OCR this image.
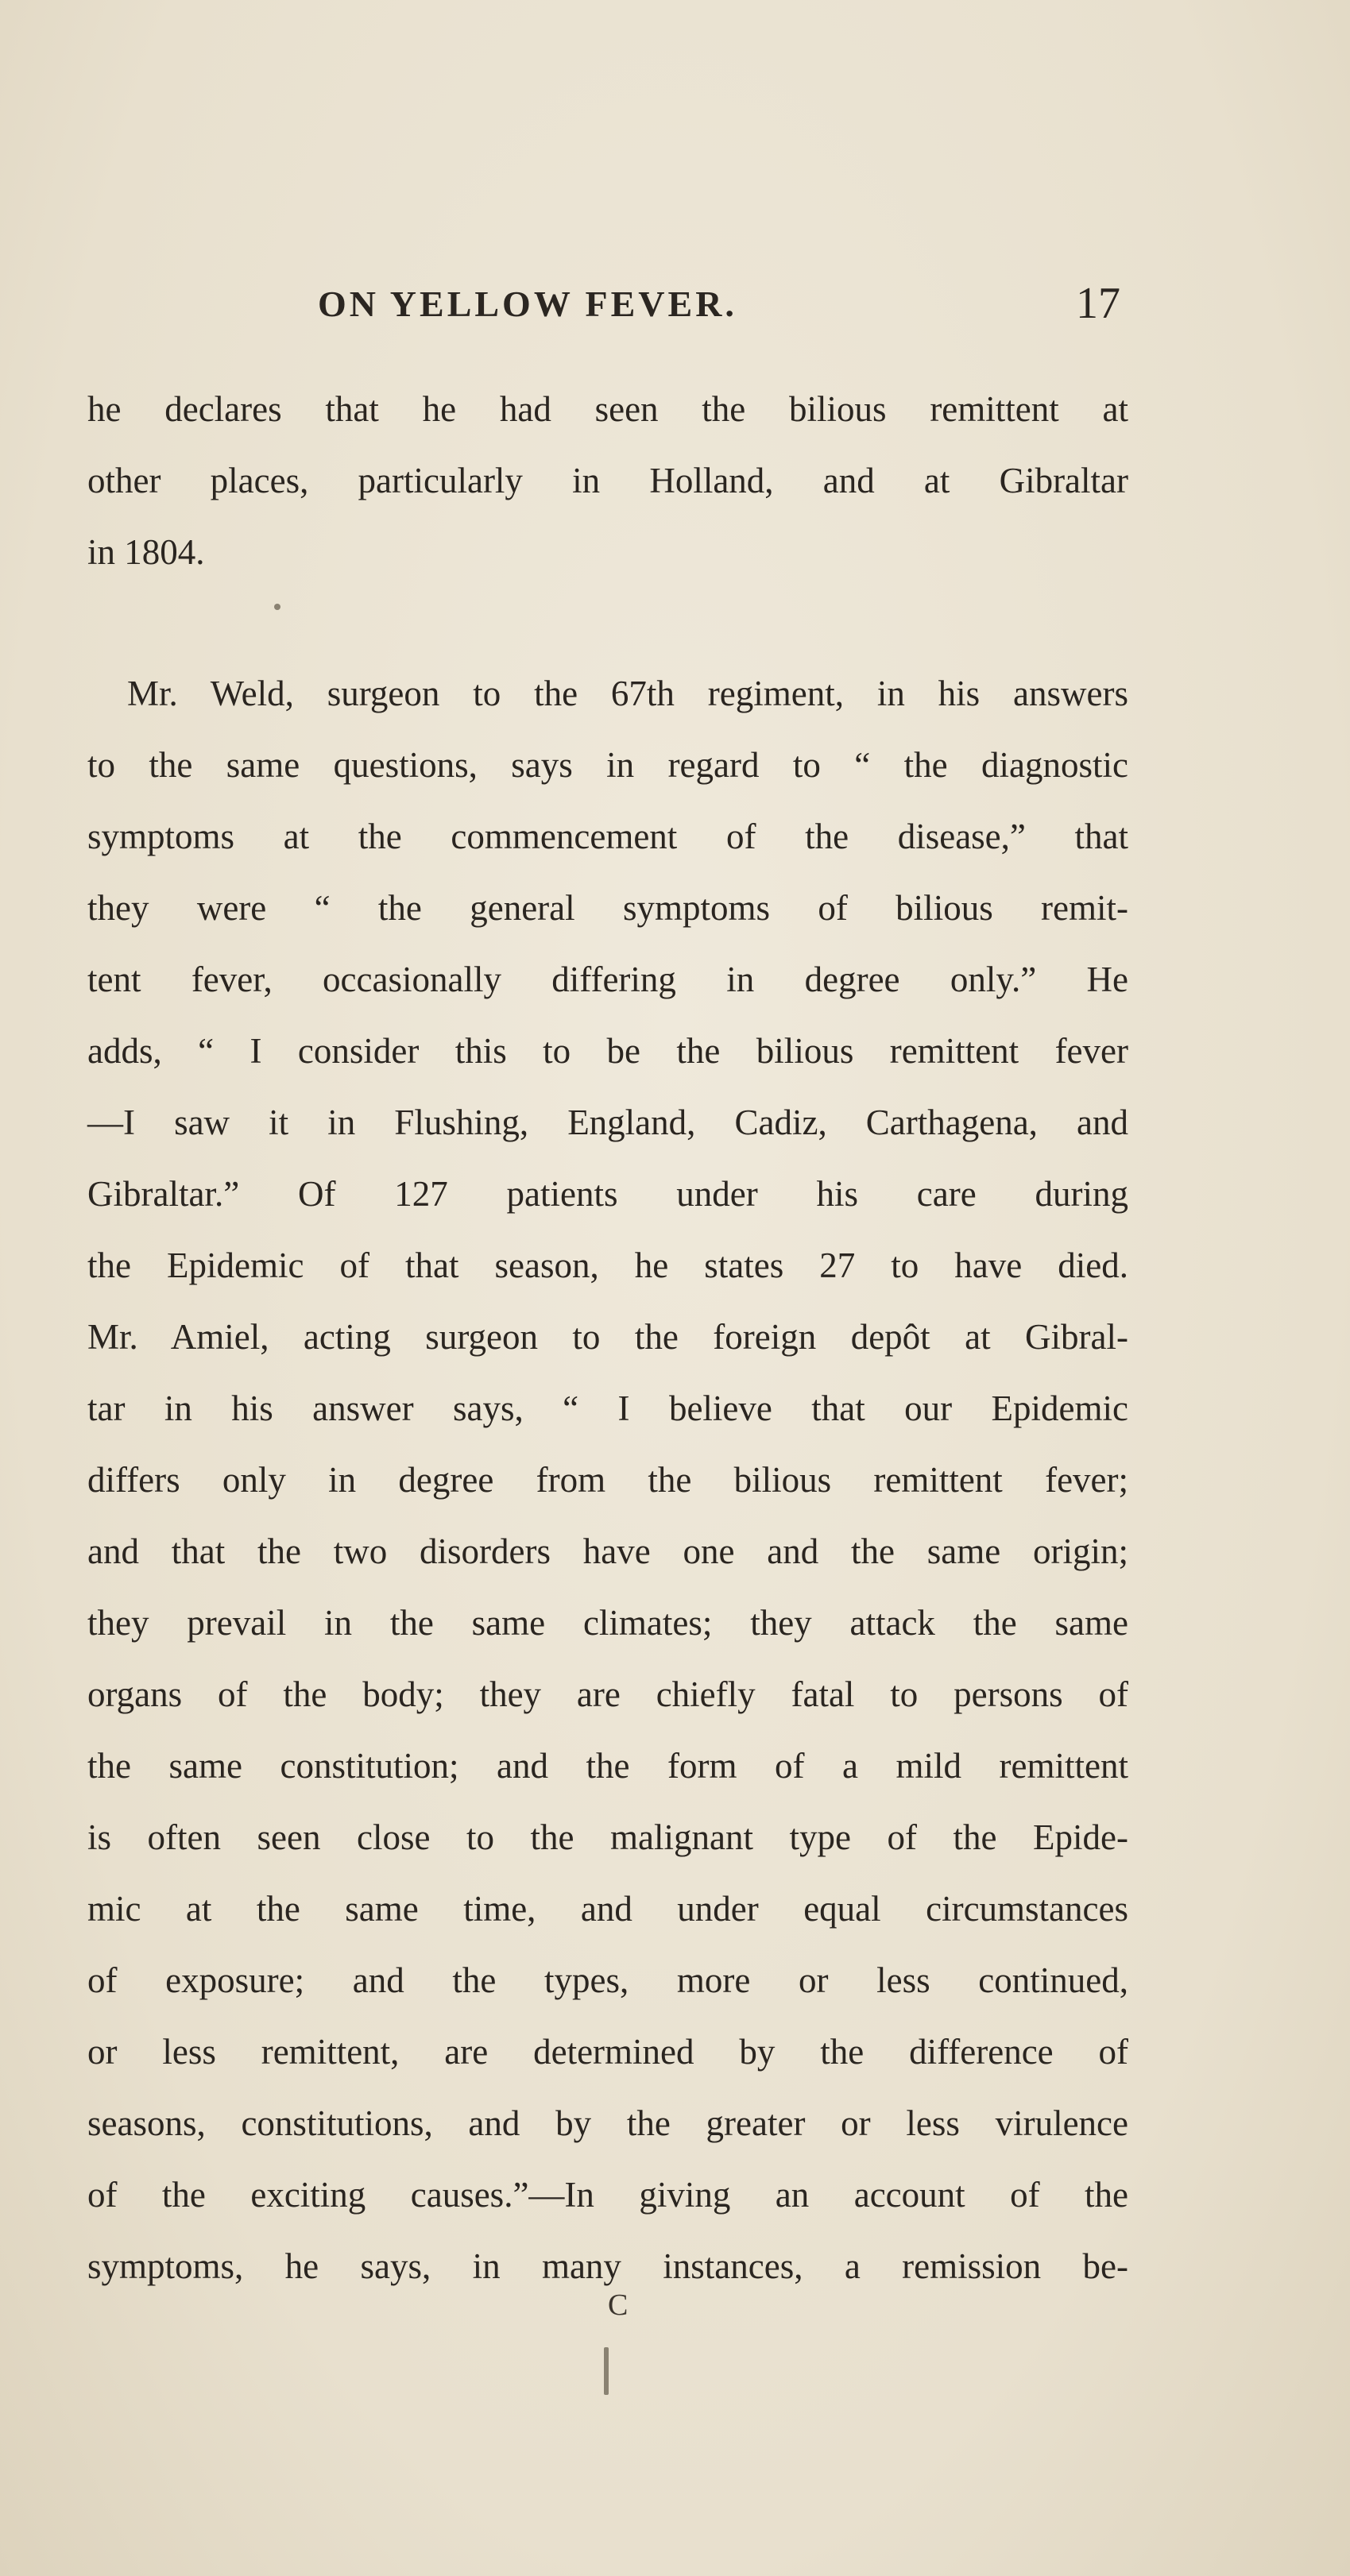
ON YELLOW FEVER.	17
he declares that he had seen the bilious remittent at
other places, particularly in Holland, and at Gibraltar
in 1804.
Mr. Weld, surgeon to the 67th regiment, in his answers
to the same questions, says in regard to “ the diagnostic
symptoms at the commencement of the disease,” that
they were “ the general symptoms of bilious remit-
tent fever, occasionally differing in degree only.” He
adds, “ I consider this to be the bilious remittent fever
—I saw it in Flushing, England, Cadiz, Carthagena, and
Gibraltar.” Of 127 patients under his care during
the Epidemic of that season, he states 27 to have died.
Mr. Amiel, acting surgeon to the foreign depôt at Gibral-
tar in his answer says, “ I believe that our Epidemic
differs only in degree from the bilious remittent fever;
and that the two disorders have one and the same origin;
they prevail in the same climates; they attack the same
organs of the body; they are chiefly fatal to persons of
the same constitution; and the form of a mild remittent
is often seen close to the malignant type of the Epide-
mic at the same time, and under equal circumstances
of exposure; and the types, more or less continued,
or less remittent, are determined by the difference of
seasons, constitutions, and by the greater or less virulence
of the exciting causes.”—In giving an account of the
symptoms, he says, in many instances, a remission be-
C
